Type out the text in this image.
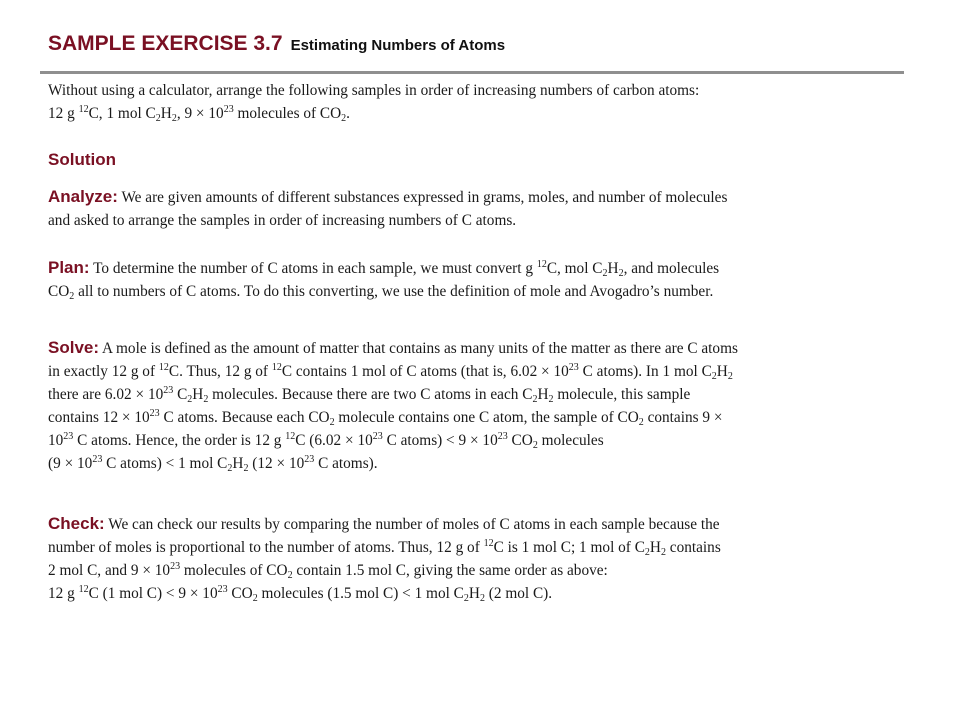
SAMPLE EXERCISE 3.7 Estimating Numbers of Atoms
Without using a calculator, arrange the following samples in order of increasing numbers of carbon atoms:
12 g $^{12}$C, 1 mol $C_2H_2$, $9 \times 10^{23}$ molecules of $CO_2$.
Solution
Analyze: We are given amounts of different substances expressed in grams, moles, and number of molecules
and asked to arrange the samples in order of increasing numbers of C atoms.
Plan: To determine the number of C atoms in each sample, we must convert g $^{12}$C, mol $C_2H_2$, and molecules
$CO_2$ all to numbers of C atoms. To do this converting, we use the definition of mole and Avogadro’s number.
Solve: A mole is defined as the amount of matter that contains as many units of the matter as there are C atoms
in exactly 12 g of $^{12}$C. Thus, 12 g of $^{12}$C contains 1 mol of C atoms (that is, $6.02 \times 10^{23}$ C atoms). In 1 mol $C_2H_2$
there are $6.02 \times 10^{23}$ $C_2H_2$ molecules. Because there are two C atoms in each $C_2H_2$ molecule, this sample
contains $12 \times 10^{23}$ C atoms. Because each $CO_2$ molecule contains one C atom, the sample of $CO_2$ contains 9 ×
$10^{23}$ C atoms. Hence, the order is 12 g $^{12}$C ($6.02 \times 10^{23}$ C atoms) < $9 \times 10^{23}$ $CO_2$ molecules
($9 \times 10^{23}$ C atoms) < 1 mol $C_2H_2$ ($12 \times 10^{23}$ C atoms).
Check: We can check our results by comparing the number of moles of C atoms in each sample because the
number of moles is proportional to the number of atoms. Thus, 12 g of $^{12}$C is 1 mol C; 1 mol of $C_2H_2$ contains
2 mol C, and $9 \times 10^{23}$ molecules of $CO_2$ contain 1.5 mol C, giving the same order as above:
12 g $^{12}$C (1 mol $C) < 9 \times 10^{23}$ $CO_2$ molecules (1.5 mol C) < 1 mol $C_2H_2$ (2 mol C).
